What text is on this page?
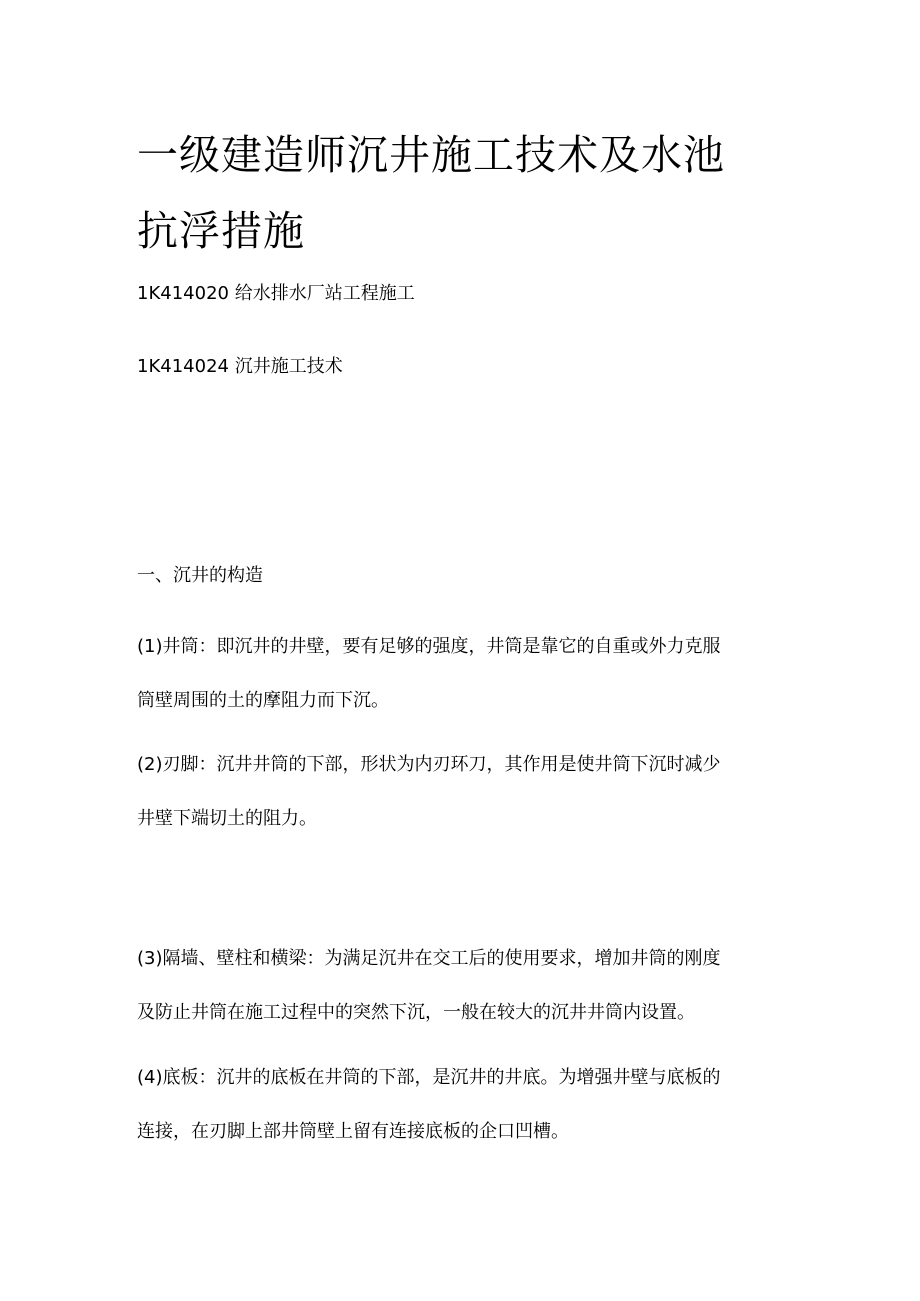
一级建造师沉井施工技术及水池
抗浮措施

1K414020 给水排水厂站工程施工

1K414024 沉井施工技术

一、沉井的构造

(1)井筒：即沉井的井壁，要有足够的强度，井筒是靠它的自重或外力克服
筒壁周围的土的摩阻力而下沉。
(2)刃脚：沉井井筒的下部，形状为内刃环刀，其作用是使井筒下沉时减少
井壁下端切土的阻力。
(3)隔墙、壁柱和横梁：为满足沉井在交工后的使用要求，增加井筒的刚度
及防止井筒在施工过程中的突然下沉，一般在较大的沉井井筒内设置。
(4)底板：沉井的底板在井筒的下部，是沉井的井底。为增强井壁与底板的
连接，在刃脚上部井筒壁上留有连接底板的企口凹槽。
